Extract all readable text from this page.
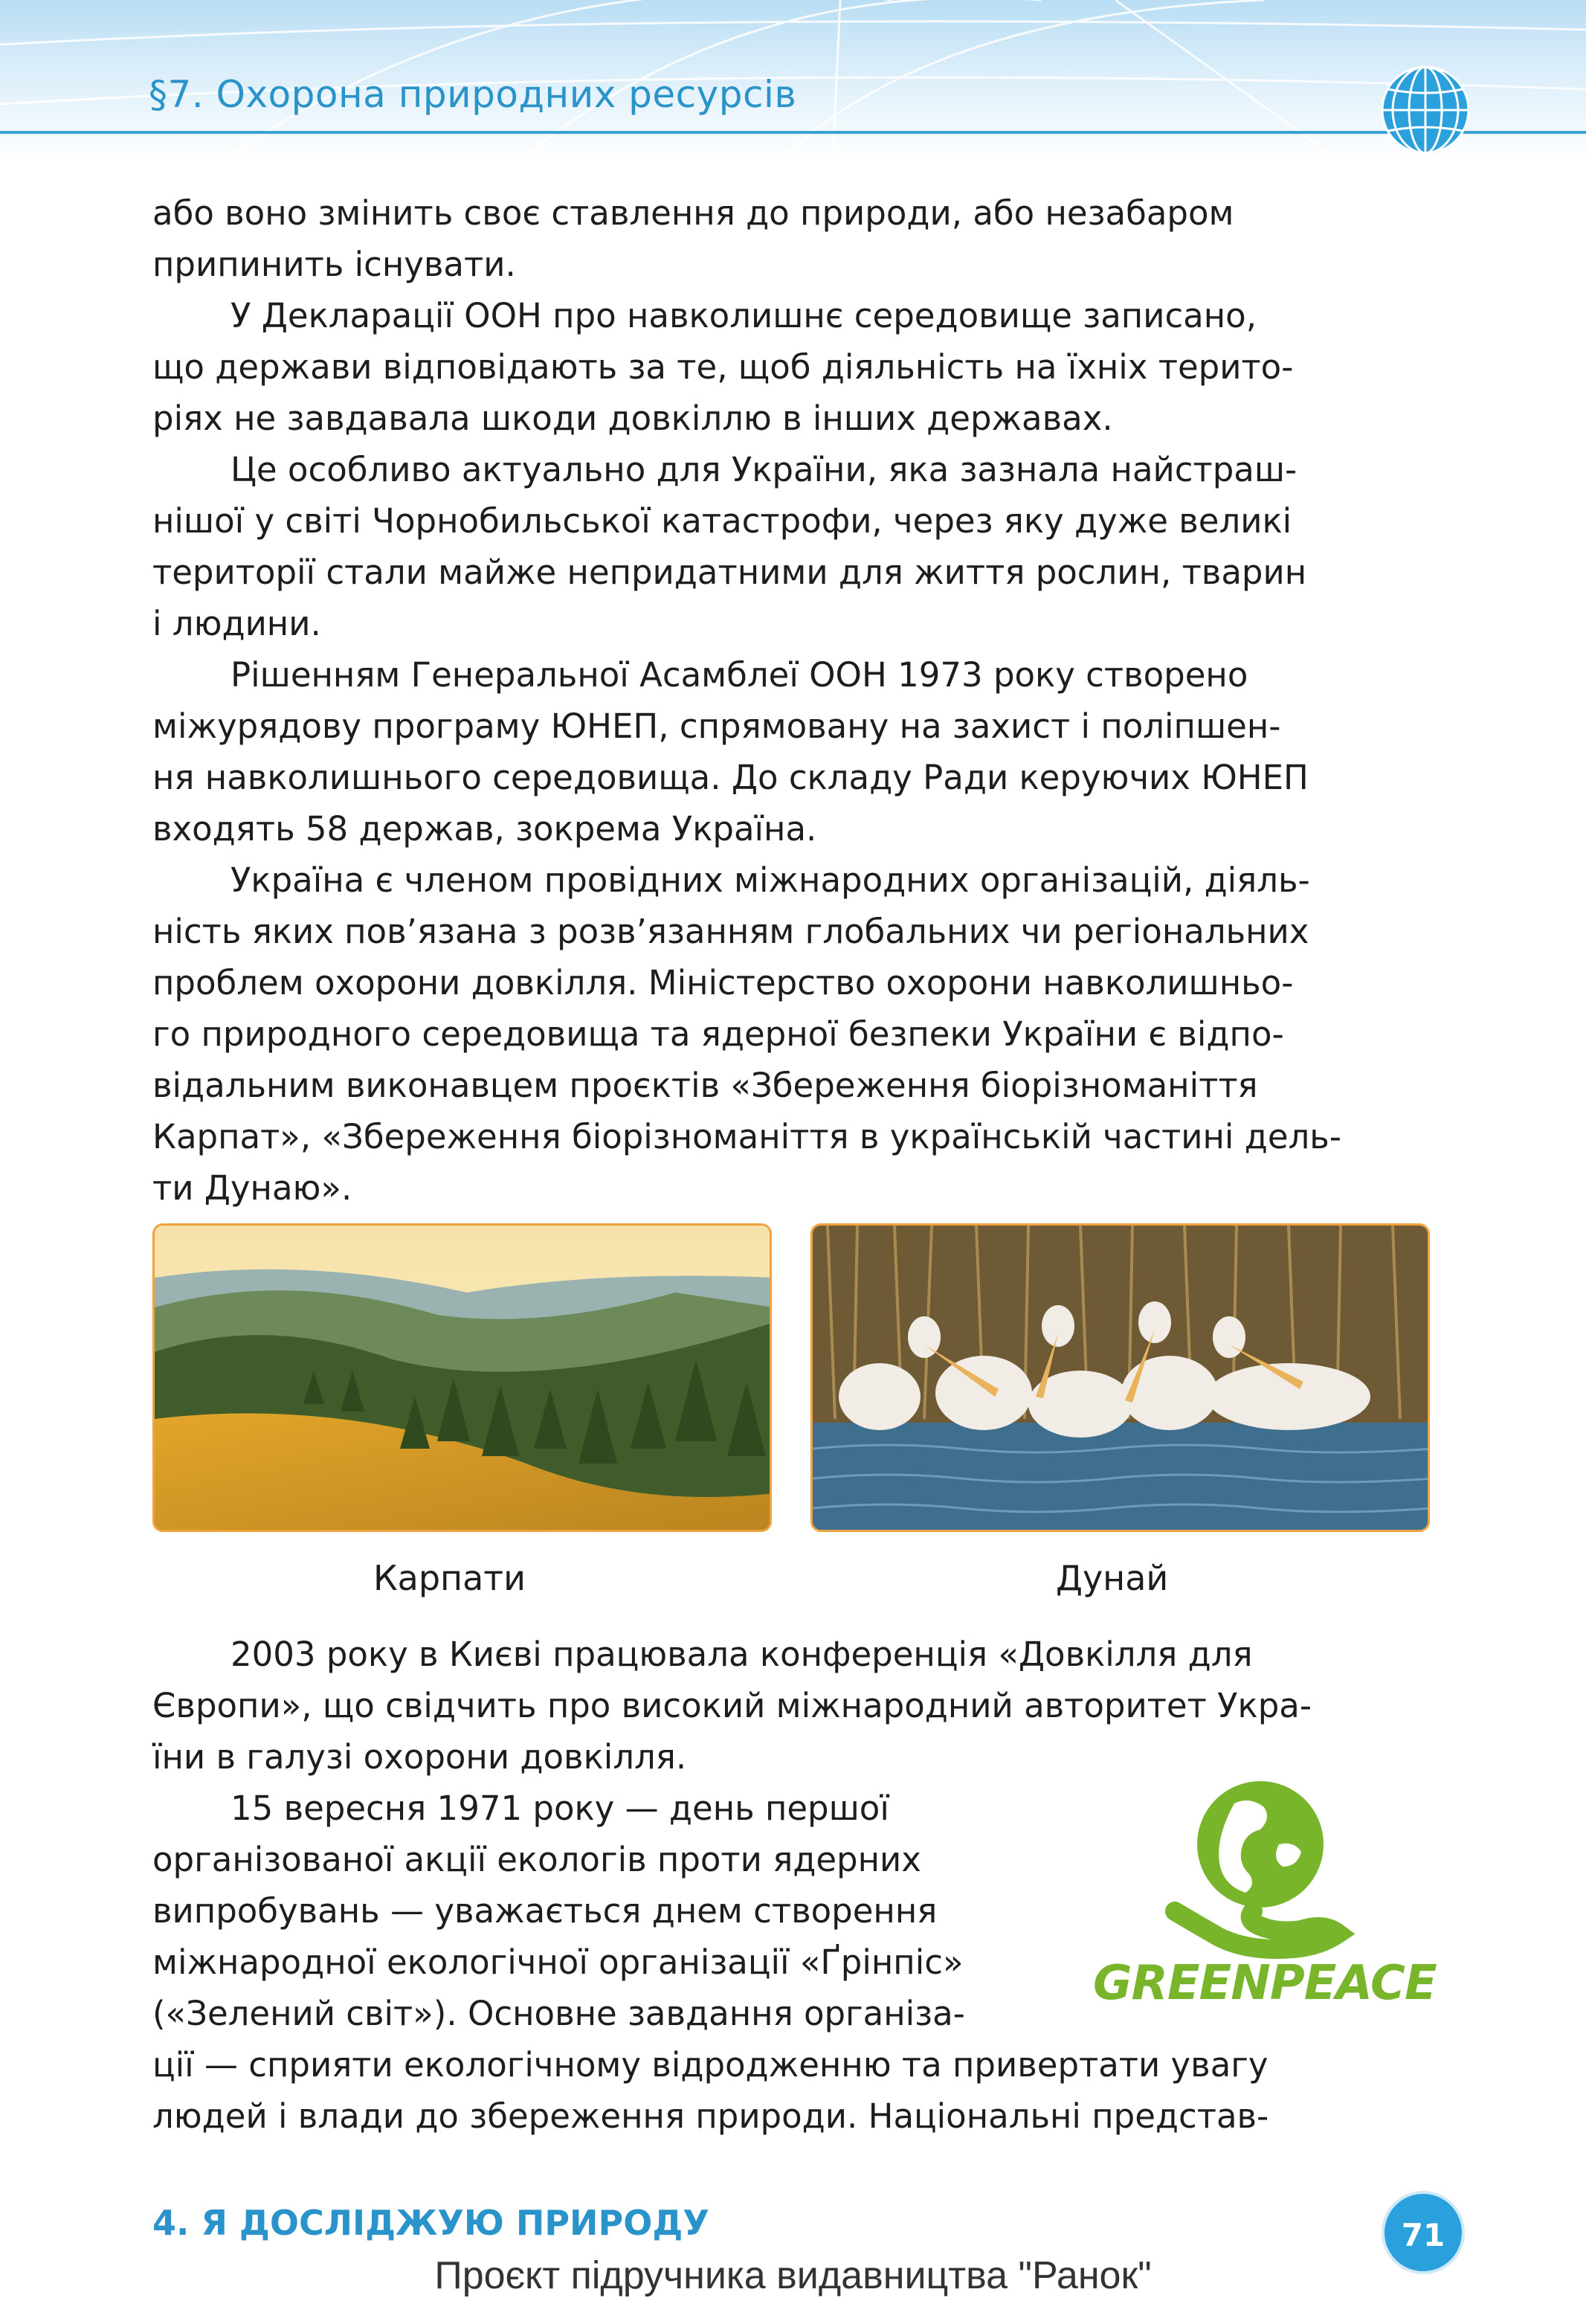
§7. Охорона природних ресурсів
або воно змінить своє ставлення до природи, або незабаром
припинить існувати.
У Декларації ООН про навколишнє середовище записано,
що держави відповідають за те, щоб діяльність на їхніх терито-
ріях не завдавала шкоди довкіллю в інших державах.
Це особливо актуально для України, яка зазнала найстраш-
нішої у світі Чорнобильської катастрофи, через яку дуже великі
території стали майже непридатними для життя рослин, тварин
і людини.
Рішенням Генеральної Асамблеї ООН 1973 року створено
міжурядову програму ЮНЕП, спрямовану на захист і поліпшен-
ня навколишнього середовища. До складу Ради керуючих ЮНЕП
входять 58 держав, зокрема Україна.
Україна є членом провідних міжнародних організацій, діяль-
ність яких пов’язана з розв’язанням глобальних чи регіональних
проблем охорони довкілля. Міністерство охорони навколишньо-
го природного середовища та ядерної безпеки України є відпо-
відальним виконавцем проєктів «Збереження біорізноманіття
Карпат», «Збереження біорізноманіття в українській частині дель-
ти Дунаю».
Карпати	Дунай
2003 року в Києві працювала конференція «Довкілля для
Європи», що свідчить про високий міжнародний авторитет Укра-
їни в галузі охорони довкілля.
15 вересня 1971 року — день першої
організованої акції екологів проти ядерних
випробувань — уважається днем створення
міжнародної екологічної організації «Ґрінпіс»
(«Зелений світ»). Основне завдання організа-
ції — сприяти екологічному відродженню та привертати увагу
людей і влади до збереження природи. Національні представ-
GREENPEACE
4. Я ДОСЛІДЖУЮ ПРИРОДУ	71
Проєкт підручника видавництва "Ранок"
